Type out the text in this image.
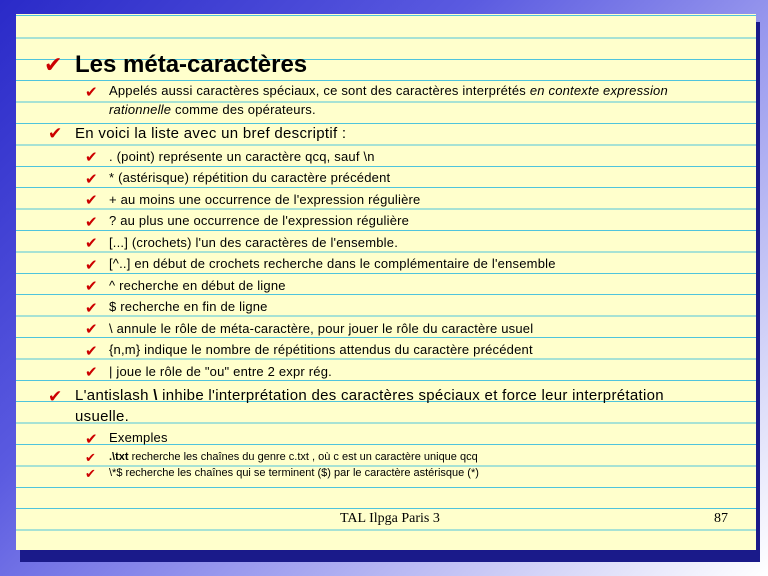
✔ Les méta-caractères
✔ Appelés aussi caractères spéciaux, ce sont des caractères interprétés en contexte expression
rationnelle comme des opérateurs.
✔ En voici la liste avec un bref descriptif :
✔ . (point) représente un caractère qcq, sauf \n
✔ * (astérisque) répétition du caractère précédent
✔ + au moins une occurrence de l'expression régulière
✔ ? au plus une occurrence de l'expression régulière
✔ [...] (crochets) l'un des caractères de l'ensemble.
✔ [^..] en début de crochets recherche dans le complémentaire de l'ensemble
✔ ^ recherche en début de ligne
✔ $ recherche en fin de ligne
✔ \ annule le rôle de méta-caractère, pour jouer le rôle du caractère usuel
✔ {n,m} indique le nombre de répétitions attendus du caractère précédent
✔ | joue le rôle de "ou" entre 2 expr rég.
✔ L'antislash \ inhibe l'interprétation des caractères spéciaux et force leur interprétation
usuelle.
✔ Exemples
✔ .\txt recherche les chaînes du genre c.txt , où c est un caractère unique qcq
✔ \*$ recherche les chaînes qui se terminent ($) par le caractère astérisque (*)
TAL Ilpga Paris 3	87
